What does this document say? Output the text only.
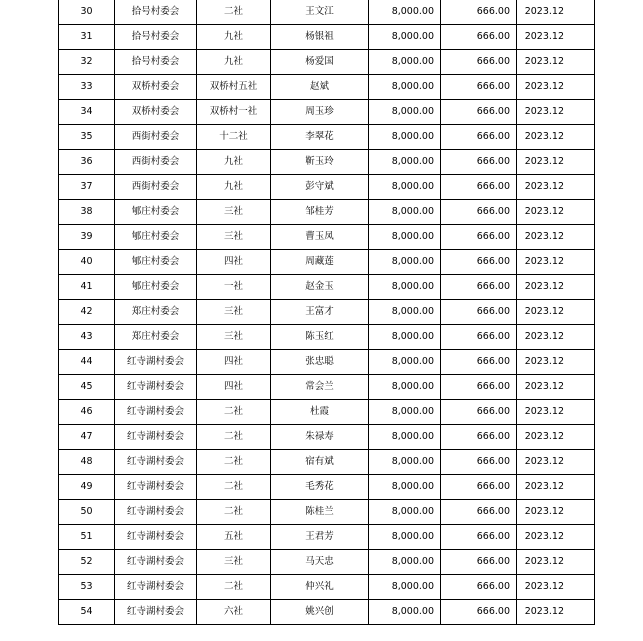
30	拾号村委会	二社	王文江	8,000.00	666.00	2023.12
31	拾号村委会	九社	杨银祖	8,000.00	666.00	2023.12
32	拾号村委会	九社	杨爱国	8,000.00	666.00	2023.12
33	双桥村委会	双桥村五社	赵斌	8,000.00	666.00	2023.12
34	双桥村委会	双桥村一社	周玉珍	8,000.00	666.00	2023.12
35	西街村委会	十二社	李翠花	8,000.00	666.00	2023.12
36	西街村委会	九社	靳玉玲	8,000.00	666.00	2023.12
37	西街村委会	九社	彭守斌	8,000.00	666.00	2023.12
38	郇庄村委会	三社	邹桂芳	8,000.00	666.00	2023.12
39	郇庄村委会	三社	曹玉凤	8,000.00	666.00	2023.12
40	郇庄村委会	四社	周藏莲	8,000.00	666.00	2023.12
41	郇庄村委会	一社	赵金玉	8,000.00	666.00	2023.12
42	郑庄村委会	三社	王富才	8,000.00	666.00	2023.12
43	郑庄村委会	三社	陈玉红	8,000.00	666.00	2023.12
44	红寺湖村委会	四社	张忠聪	8,000.00	666.00	2023.12
45	红寺湖村委会	四社	常会兰	8,000.00	666.00	2023.12
46	红寺湖村委会	二社	杜霞	8,000.00	666.00	2023.12
47	红寺湖村委会	二社	朱禄寿	8,000.00	666.00	2023.12
48	红寺湖村委会	二社	宿有斌	8,000.00	666.00	2023.12
49	红寺湖村委会	二社	毛秀花	8,000.00	666.00	2023.12
50	红寺湖村委会	二社	陈桂兰	8,000.00	666.00	2023.12
51	红寺湖村委会	五社	王君芳	8,000.00	666.00	2023.12
52	红寺湖村委会	三社	马天忠	8,000.00	666.00	2023.12
53	红寺湖村委会	二社	仲兴礼	8,000.00	666.00	2023.12
54	红寺湖村委会	六社	姚兴创	8,000.00	666.00	2023.12
